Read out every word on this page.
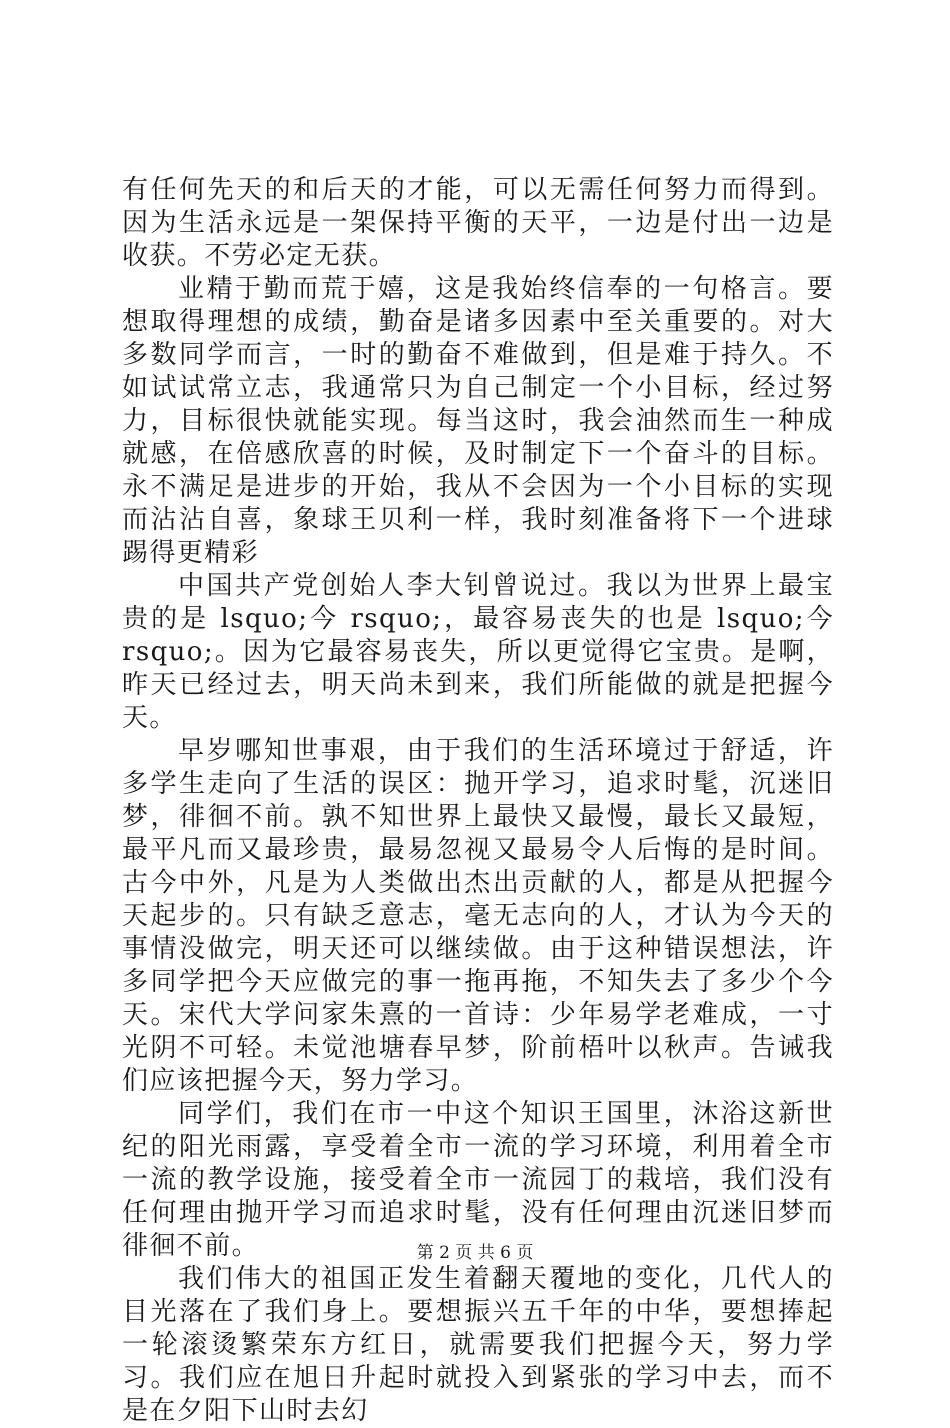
有任何先天的和后天的才能，可以无需任何努力而得到。因为生活永远是一架保持平衡的天平，一边是付出一边是收获。不劳必定无获。

业精于勤而荒于嬉，这是我始终信奉的一句格言。要想取得理想的成绩，勤奋是诸多因素中至关重要的。对大多数同学而言，一时的勤奋不难做到，但是难于持久。不如试试常立志，我通常只为自己制定一个小目标，经过努力，目标很快就能实现。每当这时，我会油然而生一种成就感，在倍感欣喜的时候，及时制定下一个奋斗的目标。永不满足是进步的开始，我从不会因为一个小目标的实现而沾沾自喜，象球王贝利一样，我时刻准备将下一个进球踢得更精彩

中国共产党创始人李大钊曾说过。我以为世界上最宝贵的是 lsquo;今 rsquo;，最容易丧失的也是 lsquo;今 rsquo;。因为它最容易丧失，所以更觉得它宝贵。是啊，昨天已经过去，明天尚未到来，我们所能做的就是把握今天。

早岁哪知世事艰，由于我们的生活环境过于舒适，许多学生走向了生活的误区：抛开学习，追求时髦，沉迷旧梦，徘徊不前。孰不知世界上最快又最慢，最长又最短，最平凡而又最珍贵，最易忽视又最易令人后悔的是时间。古今中外，凡是为人类做出杰出贡献的人，都是从把握今天起步的。只有缺乏意志，毫无志向的人，才认为今天的事情没做完，明天还可以继续做。由于这种错误想法，许多同学把今天应做完的事一拖再拖，不知失去了多少个今天。宋代大学问家朱熹的一首诗：少年易学老难成，一寸光阴不可轻。未觉池塘春早梦，阶前梧叶以秋声。告诫我们应该把握今天，努力学习。

同学们，我们在市一中这个知识王国里，沐浴这新世纪的阳光雨露，享受着全市一流的学习环境，利用着全市一流的教学设施，接受着全市一流园丁的栽培，我们没有任何理由抛开学习而追求时髦，没有任何理由沉迷旧梦而徘徊不前。

我们伟大的祖国正发生着翻天覆地的变化，几代人的目光落在了我们身上。要想振兴五千年的中华，要想捧起一轮滚烫繁荣东方红日，就需要我们把握今天，努力学习。我们应在旭日升起时就投入到紧张的学习中去，而不是在夕阳下山时去幻

第 2 页 共 6 页
